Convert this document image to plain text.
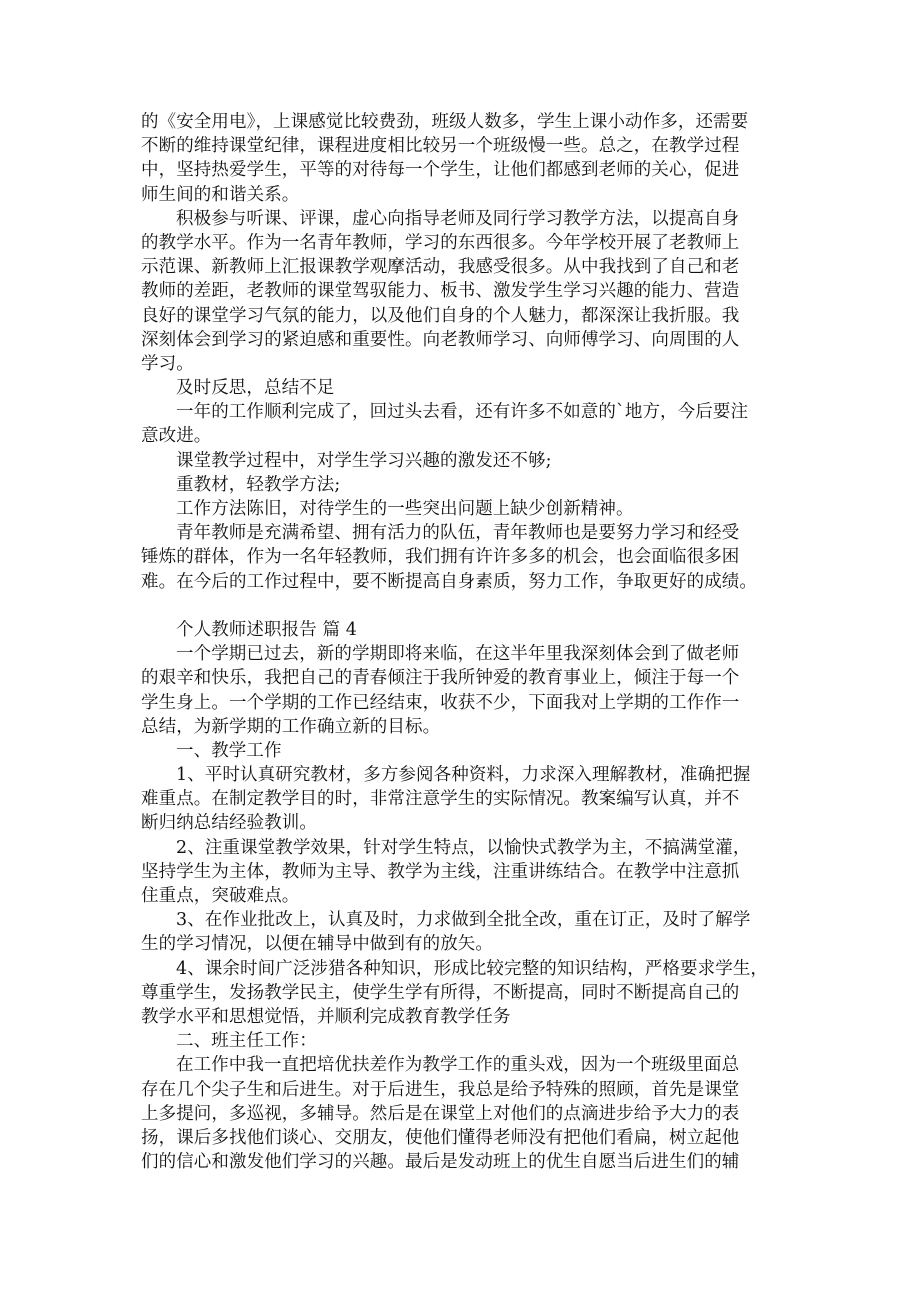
的《安全用电》，上课感觉比较费劲，班级人数多，学生上课小动作多，还需要
不断的维持课堂纪律，课程进度相比较另一个班级慢一些。总之，在教学过程
中，坚持热爱学生，平等的对待每一个学生，让他们都感到老师的关心，促进
师生间的和谐关系。
积极参与听课、评课，虚心向指导老师及同行学习教学方法，以提高自身
的教学水平。作为一名青年教师，学习的东西很多。今年学校开展了老教师上
示范课、新教师上汇报课教学观摩活动，我感受很多。从中我找到了自己和老
教师的差距，老教师的课堂驾驭能力、板书、激发学生学习兴趣的能力、营造
良好的课堂学习气氛的能力，以及他们自身的个人魅力，都深深让我折服。我
深刻体会到学习的紧迫感和重要性。向老教师学习、向师傅学习、向周围的人
学习。
及时反思，总结不足
一年的工作顺利完成了，回过头去看，还有许多不如意的`地方，今后要注
意改进。
课堂教学过程中，对学生学习兴趣的激发还不够;
重教材，轻教学方法;
工作方法陈旧，对待学生的一些突出问题上缺少创新精神。
青年教师是充满希望、拥有活力的队伍，青年教师也是要努力学习和经受
锤炼的群体，作为一名年轻教师，我们拥有许许多多的机会，也会面临很多困
难。在今后的工作过程中，要不断提高自身素质，努力工作，争取更好的成绩。
个人教师述职报告 篇 4
一个学期已过去，新的学期即将来临，在这半年里我深刻体会到了做老师
的艰辛和快乐，我把自己的青春倾注于我所钟爱的教育事业上，倾注于每一个
学生身上。一个学期的工作已经结束，收获不少，下面我对上学期的工作作一
总结，为新学期的工作确立新的目标。
一、教学工作
1、平时认真研究教材，多方参阅各种资料，力求深入理解教材，准确把握
难重点。在制定教学目的时，非常注意学生的实际情况。教案编写认真，并不
断归纳总结经验教训。
2、注重课堂教学效果，针对学生特点，以愉快式教学为主，不搞满堂灌，
坚持学生为主体，教师为主导、教学为主线，注重讲练结合。在教学中注意抓
住重点，突破难点。
3、在作业批改上，认真及时，力求做到全批全改，重在订正，及时了解学
生的学习情况，以便在辅导中做到有的放矢。
4、课余时间广泛涉猎各种知识，形成比较完整的知识结构，严格要求学生，
尊重学生，发扬教学民主，使学生学有所得，不断提高，同时不断提高自己的
教学水平和思想觉悟，并顺利完成教育教学任务
二、班主任工作：
在工作中我一直把培优扶差作为教学工作的重头戏，因为一个班级里面总
存在几个尖子生和后进生。对于后进生，我总是给予特殊的照顾，首先是课堂
上多提问，多巡视，多辅导。然后是在课堂上对他们的点滴进步给予大力的表
扬，课后多找他们谈心、交朋友，使他们懂得老师没有把他们看扁，树立起他
们的信心和激发他们学习的兴趣。最后是发动班上的优生自愿当后进生们的辅
